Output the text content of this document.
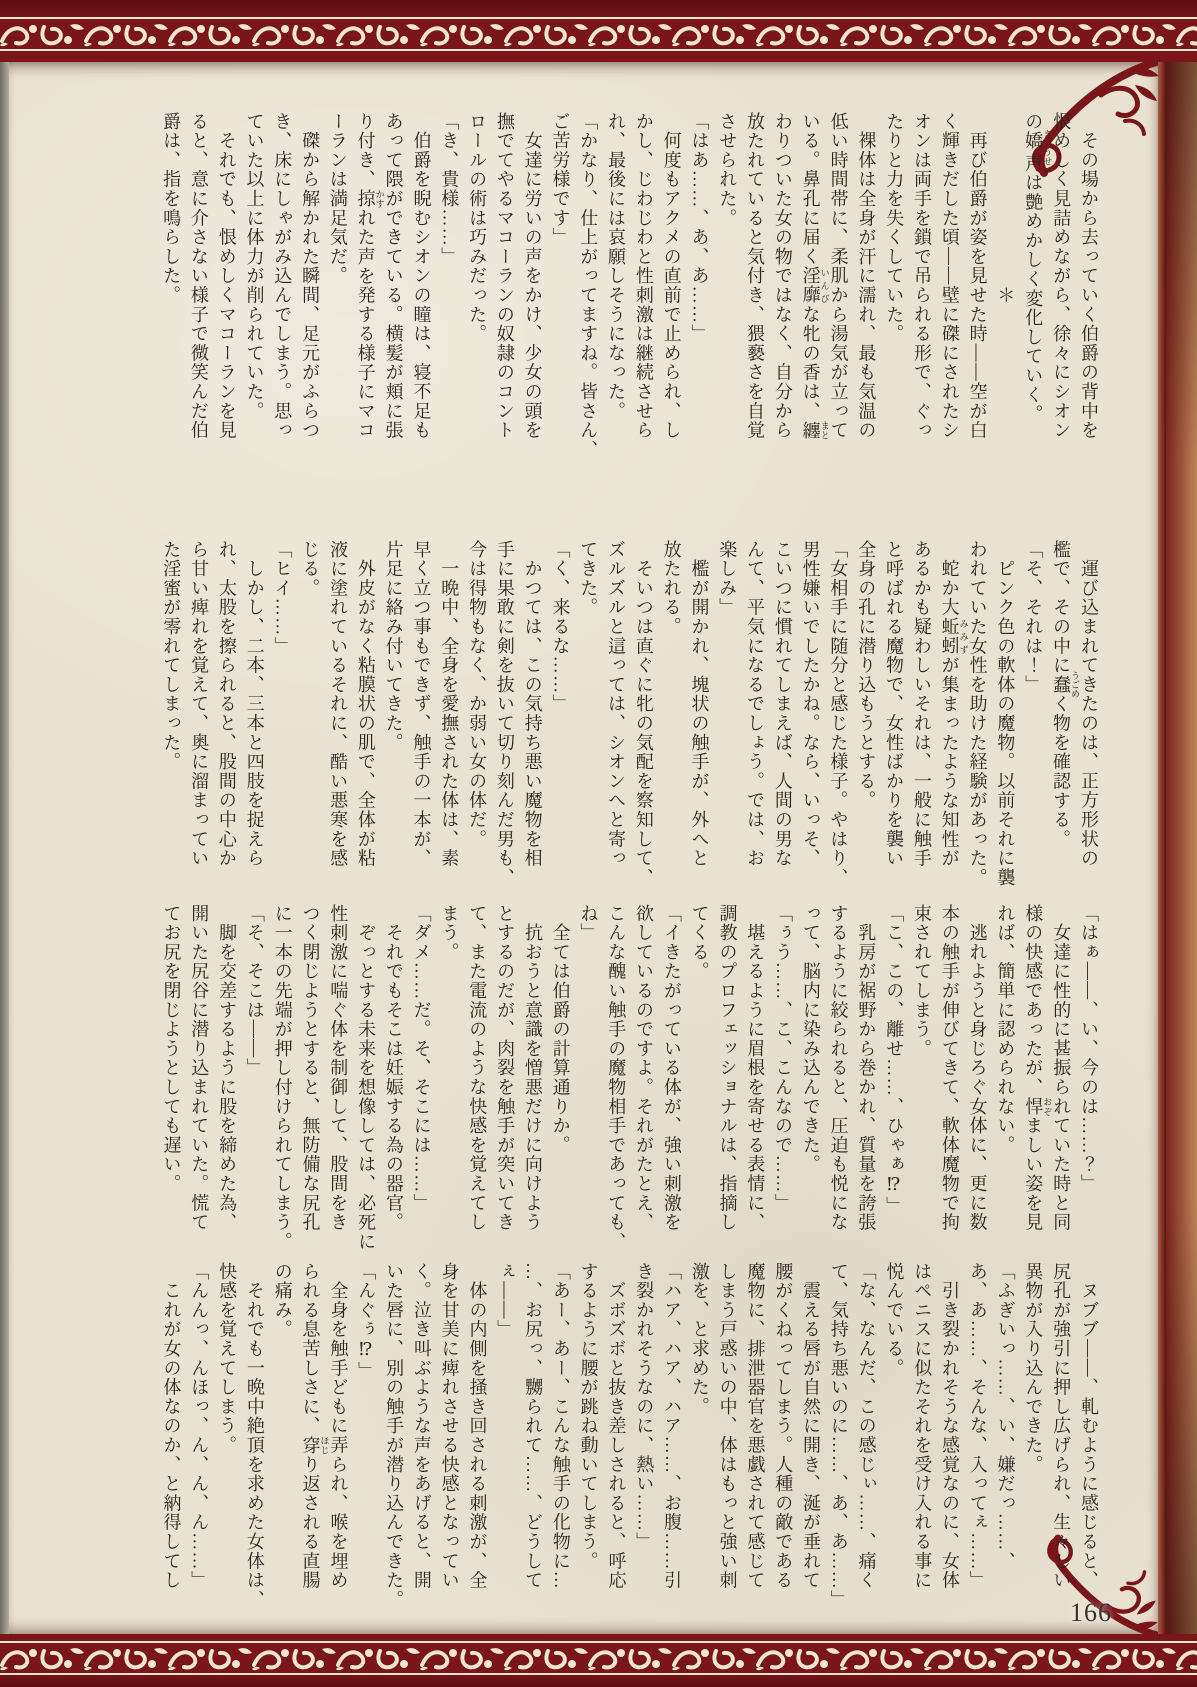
　その場から去っていく伯爵の背中を
恨めしく見詰めながら、徐々にシオン
の嬌声 きょうせいは艶めかしく変化していく。
　　　　　　　　　＊
　再び伯爵が姿を見せた時――空が白
く輝きだした頃――壁に磔にされたシ
オンは両手を鎖で吊られる形で、ぐっ
たりと力を失くしていた。
　裸体は全身が汗に濡れ、最も気温の
低い時間帯に、柔肌から湯気が立って
いる。鼻孔に届く淫靡 いんびな牝の香は、纏 まと
わりついた女の物ではなく、自分から
放たれていると気付き、猥褻さを自覚
させられた。
「はあ……、あ、あ……」
　何度もアクメの直前で止められ、し
かし、じわじわと性刺激は継続させら
れ、最後には哀願しそうになった。
「かなり、仕上がってますね。皆さん、
ご苦労様です」
　女達に労いの声をかけ、少女の頭を
撫でてやるマコーランの奴隷のコント
ロールの術は巧みだった。
「き、貴様……」
　伯爵を睨むシオンの瞳は、寝不足も
あって隈ができている。横髪が頬に張
り付き、掠 かすれた声を発する様子にマコ
ーランは満足気だ。
　磔から解かれた瞬間、足元がふらつ
き、床にしゃがみ込んでしまう。思っ
ていた以上に体力が削られていた。
　それでも、恨めしくマコーランを見
ると、意に介さない様子で微笑んだ伯
爵は、指を鳴らした。
　運び込まれてきたのは、正方形状の
檻で、その中に蠢 うごめく物を確認する。
「そ、それは！」
　ピンク色の軟体の魔物。以前それに襲
われていた女性を助けた経験があった。
　蛇か大蚯蚓 みみずが集まったような知性が
あるかも疑わしいそれは、一般に触手
と呼ばれる魔物で、女性ばかりを襲い
全身の孔に潜り込もうとする。
「女相手に随分と感じた様子。やはり、
男性嫌いでしたかね。なら、いっそ、
こいつに慣れてしまえば、人間の男な
んて、平気になるでしょう。では、お
楽しみ」
　檻が開かれ、塊状の触手が、外へと
放たれる。
　そいつは直ぐに牝の気配を察知して、
ズルズルと這っては、シオンへと寄っ
てきた。
「く、来るな……」
　かつては、この気持ち悪い魔物を相
手に果敢に剣を抜いて切り刻んだ男も、
今は得物もなく、か弱い女の体だ。
　一晩中、全身を愛撫された体は、素
早く立つ事もできず、触手の一本が、
片足に絡み付いてきた。
　外皮がなく粘膜状の肌で、全体が粘
液に塗れているそれに、酷い悪寒を感
じる。
「ヒイ……」
　しかし、二本、三本と四肢を捉えら
れ、太股を擦られると、股間の中心か
ら甘い痺れを覚えて、奥に溜まってい
た淫蜜が零れてしまった。
「はぁ――、い、今のは……？」
　女達に性的に甚振られていた時と同
様の快感であったが、悍 おぞましい姿を見
れば、簡単に認められない。
　逃れようと身じろぐ女体に、更に数
本の触手が伸びてきて、軟体魔物で拘
束されてしまう。
「こ、この、離せ……、ひゃぁ⁉」
　乳房が裾野から巻かれ、質量を誇張
するように絞られると、圧迫も悦にな
って、脳内に染み込んできた。
「ぅう……、こ、こんなので……」
　堪えるように眉根を寄せる表情に、
調教のプロフェッショナルは、指摘し
てくる。
「イきたがっている体が、強い刺激を
欲しているのですよ。それがたとえ、
こんな醜い触手の魔物相手であっても、
ね」
　全ては伯爵の計算通りか。
　抗おうと意識を憎悪だけに向けよう
とするのだが、肉裂を触手が突いてき
て、また電流のような快感を覚えてし
まう。
「ダメ……だ。そ、そこには……」
　それでもそこは妊娠する為の器官。
　ぞっとする未来を想像しては、必死に
性刺激に喘ぐ体を制御して、股間をき
つく閉じようとすると、無防備な尻孔
に一本の先端が押し付けられてしまう。
「そ、そこは――」
　脚を交差するように股を締めた為、
開いた尻谷に潜り込まれていた。慌て
てお尻を閉じようとしても遅い。
　ヌブブ――、軋むように感じると、
尻孔が強引に押し広げられ、生々しい
異物が入り込んできた。
「ふぎいっ……、い、嫌だっ……、
あ、あ……、そんな、入ってぇ……」
　引き裂かれそうな感覚なのに、女体
はペニスに似たそれを受け入れる事に
悦んでいる。
「な、なんだ、この感じぃ……、痛く
て、気持ち悪いのに……、あ、あ……」
　震える唇が自然に開き、涎が垂れて
腰がくねってしまう。人種の敵である
魔物に、排泄器官を悪戯されて感じて
しまう戸惑いの中、体はもっと強い刺
激を、と求めた。
「ハア、ハア、ハア……、お腹……引
き裂かれそうなのに、熱い……」
　ズボズボと抜き差しされると、呼応
するように腰が跳ね動いてしまう。
「あー、あー、こんな触手の化物に…
…、お尻っ、嬲られて……、どうして
ぇ――」
　体の内側を掻き回される刺激が、全
身を甘美に痺れさせる快感となってい
く。泣き叫ぶような声をあげると、開
いた唇に、別の触手が潜り込んできた。
「んぐぅ⁉」
　全身を触手どもに弄られ、喉を埋め
られる息苦しさに、穿 ほじり返される直腸
の痛み。
　それでも一晩中絶頂を求めた女体は、
快感を覚えてしまう。
「んんっ、んほっ、ん、ん、ん……」
　これが女の体なのか、と納得してし
166
